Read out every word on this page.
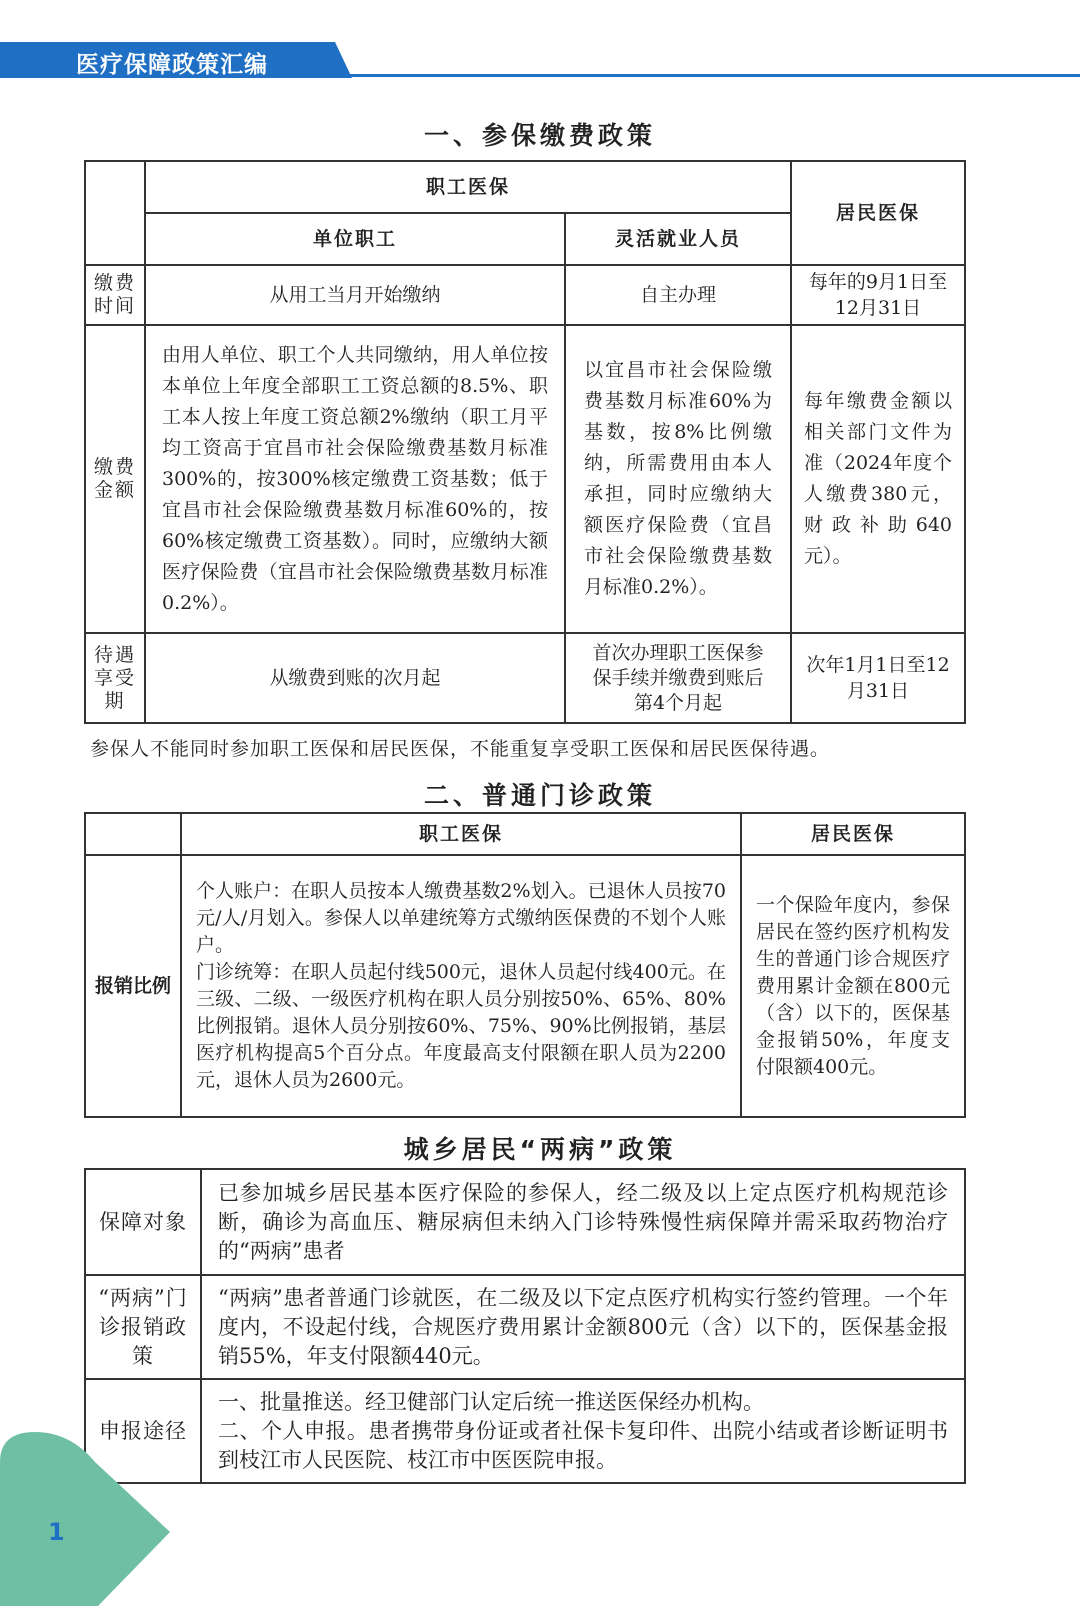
医疗保障政策汇编
一、参保缴费政策
	职工医保		居民医保
	单位职工	灵活就业人员	
缴费时间	从用工当月开始缴纳	自主办理	每年的9月1日至12月31日
缴费金额	由用人单位、职工个人共同缴纳，用人单位按本单位上年度全部职工工资总额的8.5%、职工本人按上年度工资总额2%缴纳（职工月平均工资高于宜昌市社会保险缴费基数月标准300%的，按300%核定缴费工资基数；低于宜昌市社会保险缴费基数月标准60%的，按60%核定缴费工资基数）。同时，应缴纳大额医疗保险费（宜昌市社会保险缴费基数月标准0.2%）。	以宜昌市社会保险缴费基数月标准60%为基数，按8%比例缴纳，所需费用由本人承担，同时应缴纳大额医疗保险费（宜昌市社会保险缴费基数月标准0.2%）。	每年缴费金额以相关部门文件为准（2024年度个人缴费380元，财政补助640元）。
待遇享受期	从缴费到账的次月起	首次办理职工医保参保手续并缴费到账后第4个月起	次年1月1日至12月31日
参保人不能同时参加职工医保和居民医保，不能重复享受职工医保和居民医保待遇。
二、普通门诊政策
	职工医保	居民医保
报销比例	个人账户：在职人员按本人缴费基数2%划入。已退休人员按70元/人/月划入。参保人以单建统筹方式缴纳医保费的不划个人账户。
门诊统筹：在职人员起付线500元，退休人员起付线400元。在三级、二级、一级医疗机构在职人员分别按50%、65%、80%比例报销。退休人员分别按60%、75%、90%比例报销，基层医疗机构提高5个百分点。年度最高支付限额在职人员为2200元，退休人员为2600元。	一个保险年度内，参保居民在签约医疗机构发生的普通门诊合规医疗费用累计金额在800元（含）以下的，医保基金报销50%，年度支付限额400元。
城乡居民“两病”政策
保障对象	已参加城乡居民基本医疗保险的参保人，经二级及以上定点医疗机构规范诊断，确诊为高血压、糖尿病但未纳入门诊特殊慢性病保障并需采取药物治疗的“两病”患者
“两病”门诊报销政策	“两病”患者普通门诊就医，在二级及以下定点医疗机构实行签约管理。一个年度内，不设起付线，合规医疗费用累计金额800元（含）以下的，医保基金报销55%，年支付限额440元。
申报途径	一、批量推送。经卫健部门认定后统一推送医保经办机构。
二、个人申报。患者携带身份证或者社保卡复印件、出院小结或者诊断证明书到枝江市人民医院、枝江市中医医院申报。
1
